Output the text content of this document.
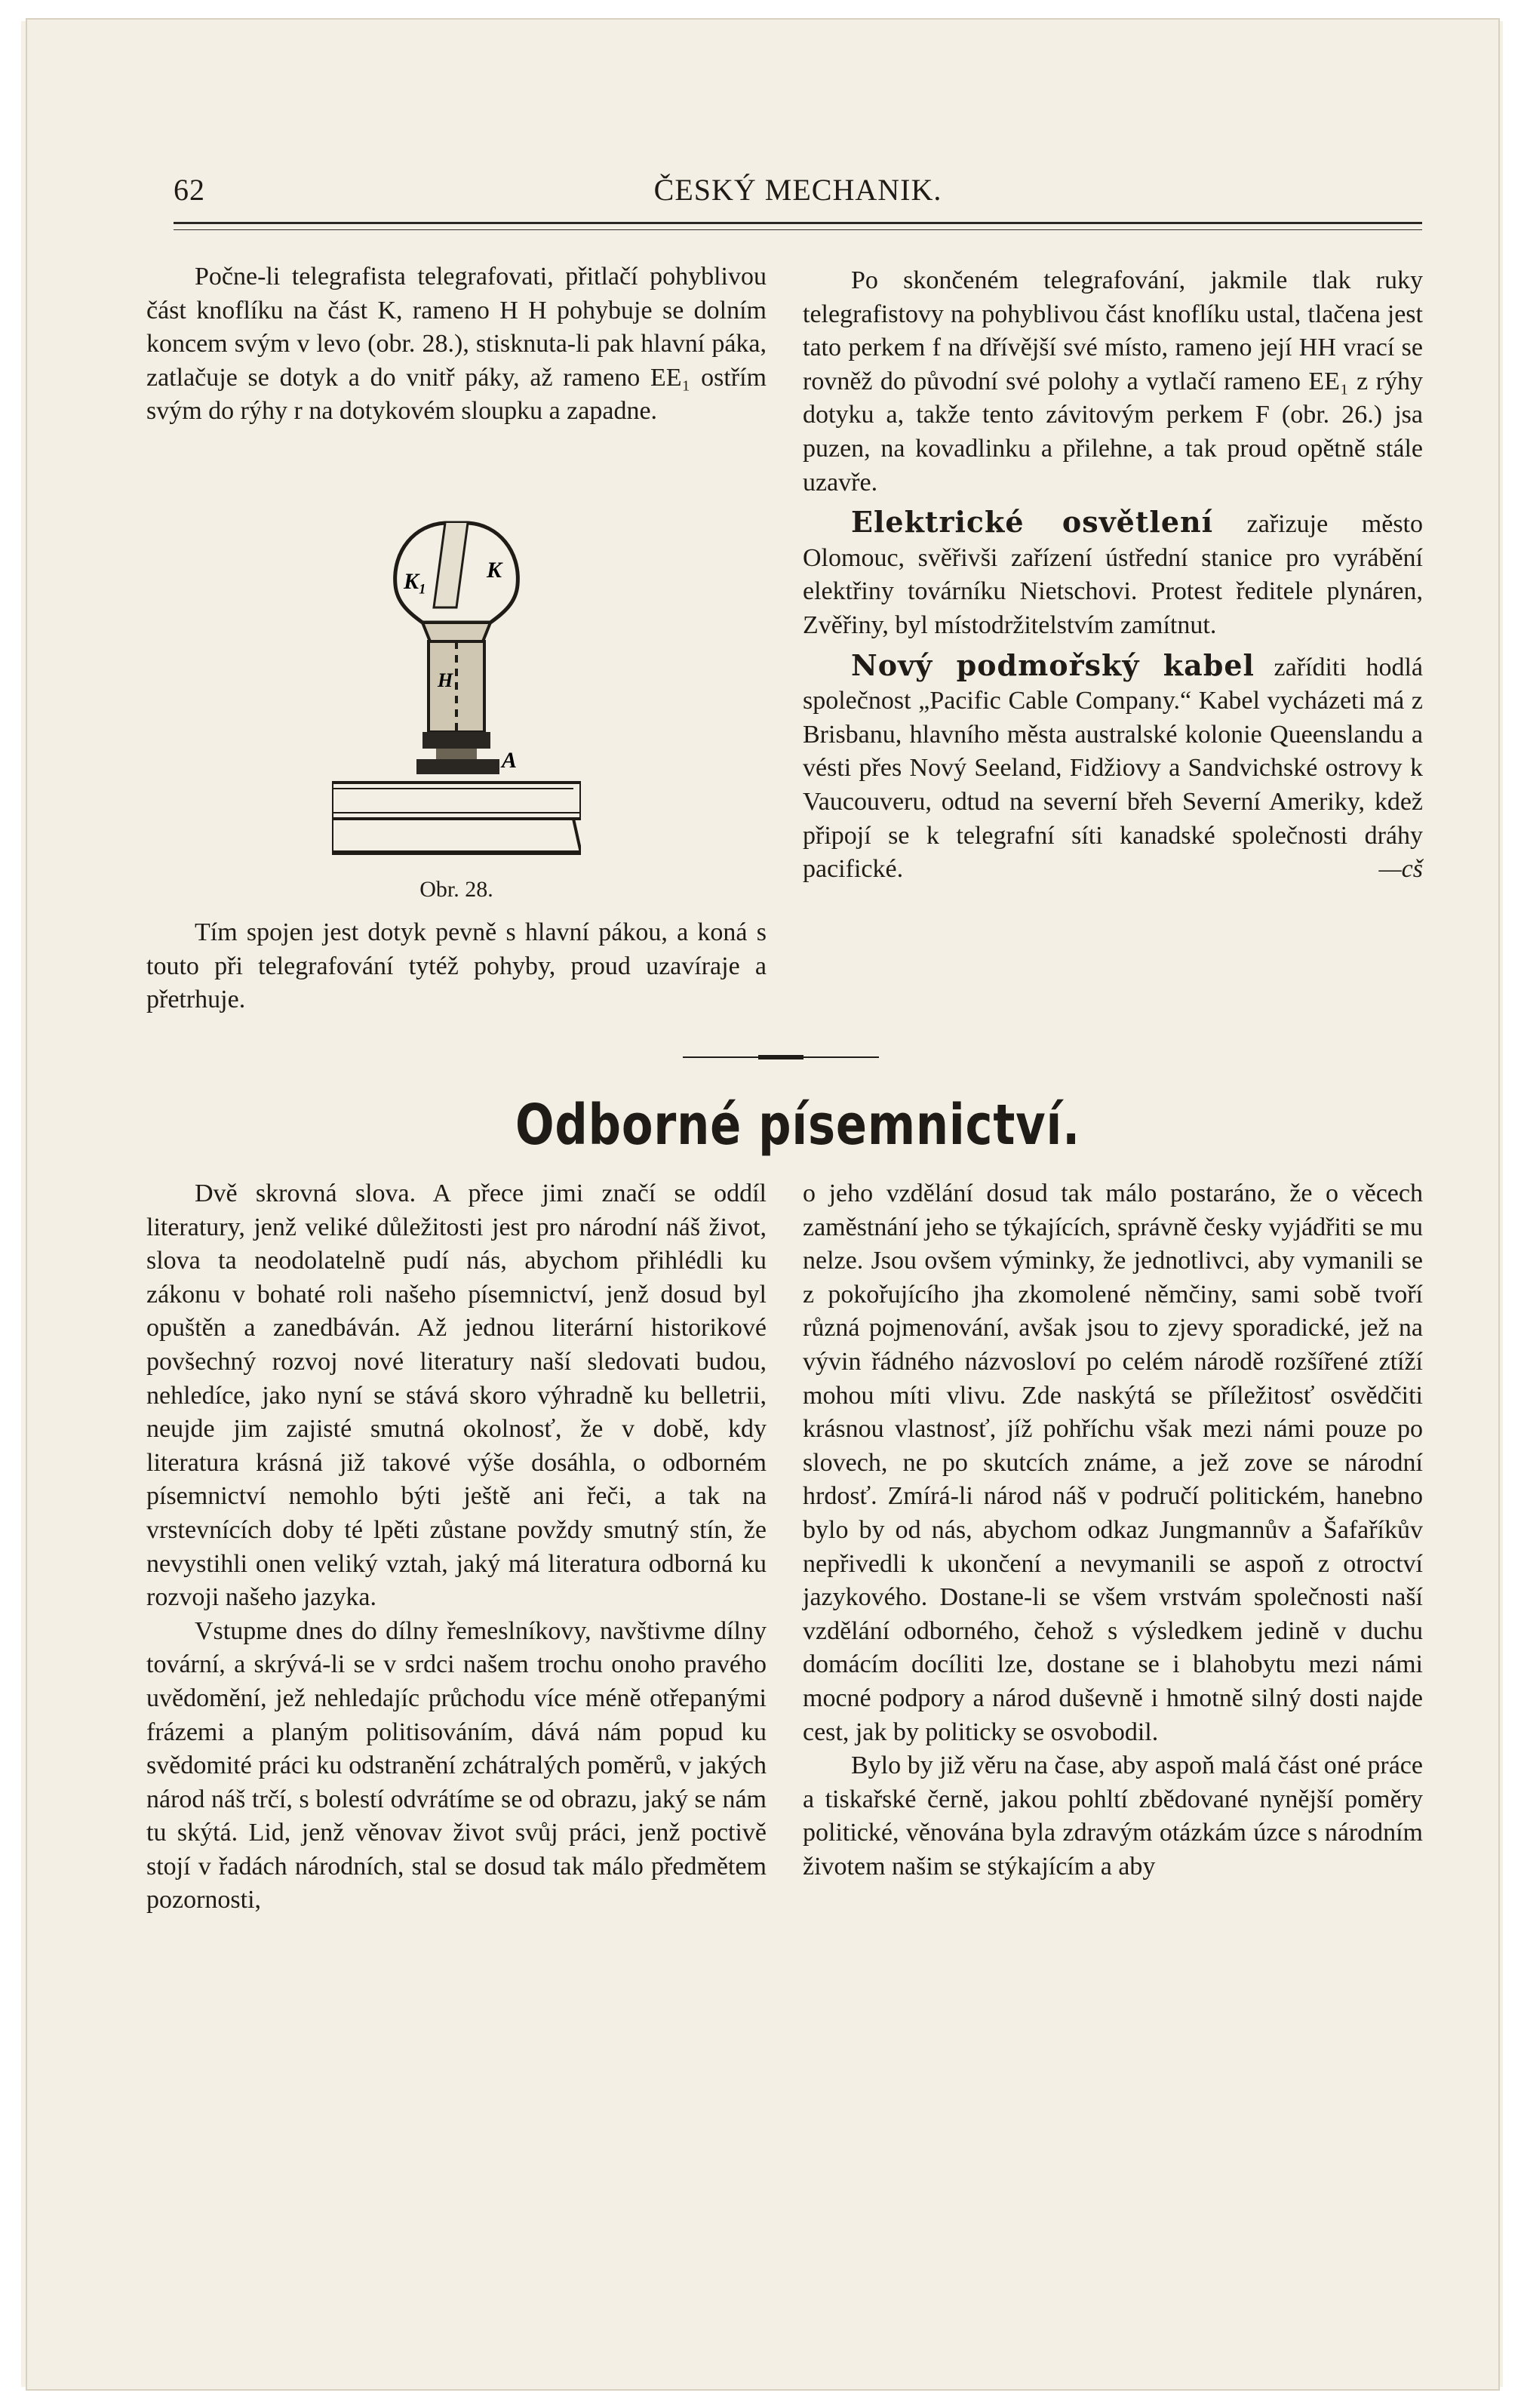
62	ČESKÝ MECHANIK.

Počne-li telegrafista telegrafovati, přitlačí pohyblivou část knoflíku na část K, rameno H H pohybuje se dolním koncem svým v levo (obr. 28.), stisknuta-li pak hlavní páka, zatlačuje se dotyk a do vnitř páky, až rameno EE₁ ostřím svým do rýhy r na dotykovém sloupku a zapadne.

K₁	K
H
A
Obr. 28.

Tím spojen jest dotyk pevně s hlavní pákou, a koná s touto při telegrafování tytéž pohyby, proud uzavíraje a přetrhuje.

Po skončeném telegrafování, jakmile tlak ruky telegrafistovy na pohyblivou část knoflíku ustal, tlačena jest tato perkem f na dřívější své místo, rameno její HH vrací se rovněž do původní své polohy a vytlačí rameno EE₁ z rýhy dotyku a, takže tento závitovým perkem F (obr. 26.) jsa puzen, na kovadlinku a přilehne, a tak proud opětně stále uzavře.

Elektrické osvětlení zařizuje město Olomouc, svěřivši zařízení ústřední stanice pro vyrábění elektřiny továrníku Nietschovi. Protest ředitele plynáren, Zvěřiny, byl místodržitelstvím zamítnut.

Nový podmořský kabel zaříditi hodlá společnost „Pacific Cable Company.“ Kabel vycházeti má z Brisbanu, hlavního města australské kolonie Queenslandu a vésti přes Nový Seeland, Fidžiovy a Sandvichské ostrovy k Vaucouveru, odtud na severní břeh Severní Ameriky, kdež připojí se k telegrafní síti kanadské společnosti dráhy pacifické.	—cš

Odborné písemnictví.

Dvě skrovná slova. A přece jimi značí se oddíl literatury, jenž veliké důležitosti jest pro národní náš život, slova ta neodolatelně pudí nás, abychom přihlédli ku zákonu v bohaté roli našeho písemnictví, jenž dosud byl opuštěn a zanedbáván. Až jednou literární historikové povšechný rozvoj nové literatury naší sledovati budou, nehledíce, jako nyní se stává skoro výhradně ku belletrii, neujde jim zajisté smutná okolnosť, že v době, kdy literatura krásná již takové výše dosáhla, o odborném písemnictví nemohlo býti ještě ani řeči, a tak na vrstevnících doby té lpěti zůstane povždy smutný stín, že nevystihli onen veliký vztah, jaký má literatura odborná ku rozvoji našeho jazyka.

Vstupme dnes do dílny řemeslníkovy, navštivme dílny tovární, a skrývá-li se v srdci našem trochu onoho pravého uvědomění, jež nehledajíc průchodu více méně otřepanými frázemi a planým politisováním, dává nám popud ku svědomité práci ku odstranění zchátralých poměrů, v jakých národ náš trčí, s bolestí odvrátíme se od obrazu, jaký se nám tu skýtá. Lid, jenž věnovav život svůj práci, jenž poctivě stojí v řadách národních, stal se dosud tak málo předmětem pozornosti,

o jeho vzdělání dosud tak málo postaráno, že o věcech zaměstnání jeho se týkajících, správně česky vyjádřiti se mu nelze. Jsou ovšem výminky, že jednotlivci, aby vymanili se z pokořujícího jha zkomolené němčiny, sami sobě tvoří různá pojmenování, avšak jsou to zjevy sporadické, jež na vývin řádného názvosloví po celém národě rozšířené ztíží mohou míti vlivu. Zde naskýtá se příležitosť osvědčiti krásnou vlastnosť, jíž pohříchu však mezi námi pouze po slovech, ne po skutcích známe, a jež zove se národní hrdosť. Zmírá-li národ náš v područí politickém, hanebno bylo by od nás, abychom odkaz Jungmannův a Šafaříkův nepřivedli k ukončení a nevymanili se aspoň z otroctví jazykového. Dostane-li se všem vrstvám společnosti naší vzdělání odborného, čehož s výsledkem jedině v duchu domácím docíliti lze, dostane se i blahobytu mezi námi mocné podpory a národ duševně i hmotně silný dosti najde cest, jak by politicky se osvobodil.

Bylo by již věru na čase, aby aspoň malá část oné práce a tiskařské černě, jakou pohltí zbědované nynější poměry politické, věnována byla zdravým otázkám úzce s národním životem našim se stýkajícím a aby
